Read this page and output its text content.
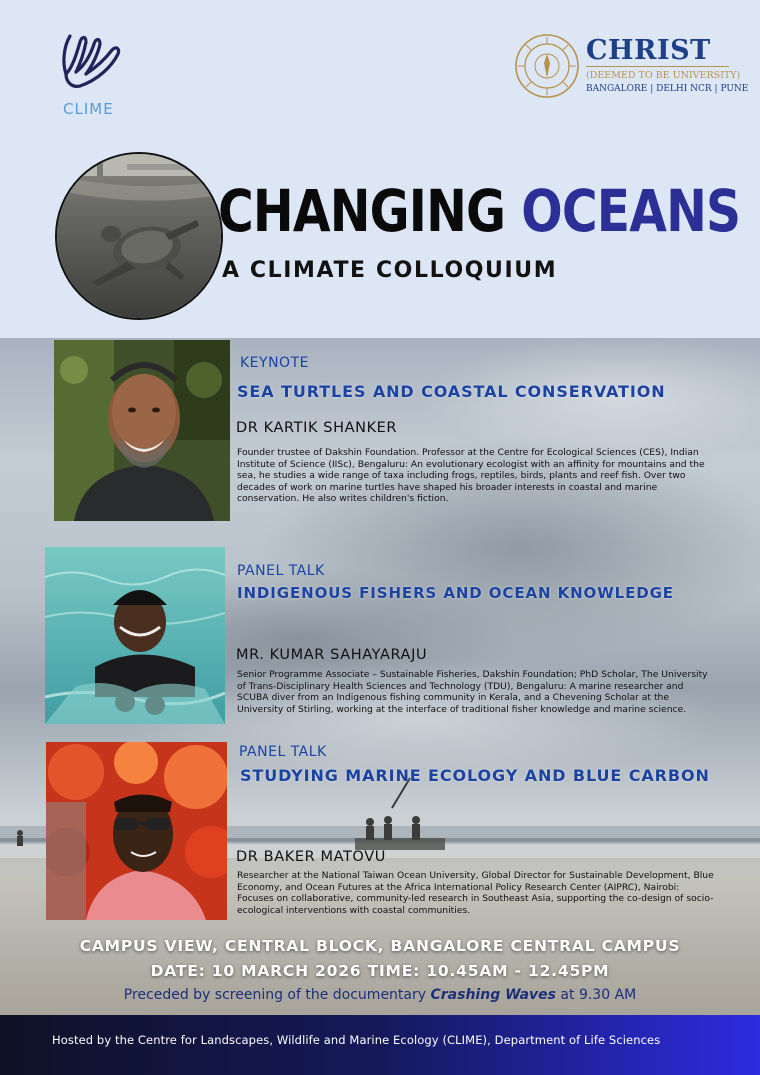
CLIME
CHRIST
(DEEMED TO BE UNIVERSITY)
BANGALORE | DELHI NCR | PUNE
CHANGING OCEANS
A CLIMATE COLLOQUIUM
KEYNOTE
SEA TURTLES AND COASTAL CONSERVATION
DR KARTIK SHANKER
Founder trustee of Dakshin Foundation. Professor at the Centre for Ecological Sciences (CES), Indian Institute of Science (IISc), Bengaluru: An evolutionary ecologist with an affinity for mountains and the sea, he studies a wide range of taxa including frogs, reptiles, birds, plants and reef fish. Over two decades of work on marine turtles have shaped his broader interests in coastal and marine conservation. He also writes children's fiction.
PANEL TALK
INDIGENOUS FISHERS AND OCEAN KNOWLEDGE
MR. KUMAR SAHAYARAJU
Senior Programme Associate – Sustainable Fisheries, Dakshin Foundation; PhD Scholar, The University of Trans-Disciplinary Health Sciences and Technology (TDU), Bengaluru: A marine researcher and SCUBA diver from an Indigenous fishing community in Kerala, and a Chevening Scholar at the University of Stirling, working at the interface of traditional fisher knowledge and marine science.
PANEL TALK
STUDYING MARINE ECOLOGY AND BLUE CARBON
DR BAKER MATOVU
Researcher at the National Taiwan Ocean University, Global Director for Sustainable Development, Blue Economy, and Ocean Futures at the Africa International Policy Research Center (AIPRC), Nairobi: Focuses on collaborative, community-led research in Southeast Asia, supporting the co-design of socio-ecological interventions with coastal communities.
CAMPUS VIEW, CENTRAL BLOCK, BANGALORE CENTRAL CAMPUS
DATE: 10 MARCH 2026 TIME: 10.45AM - 12.45PM
Preceded by screening of the documentary Crashing Waves at 9.30 AM
Hosted by the Centre for Landscapes, Wildlife and Marine Ecology (CLIME), Department of Life Sciences
